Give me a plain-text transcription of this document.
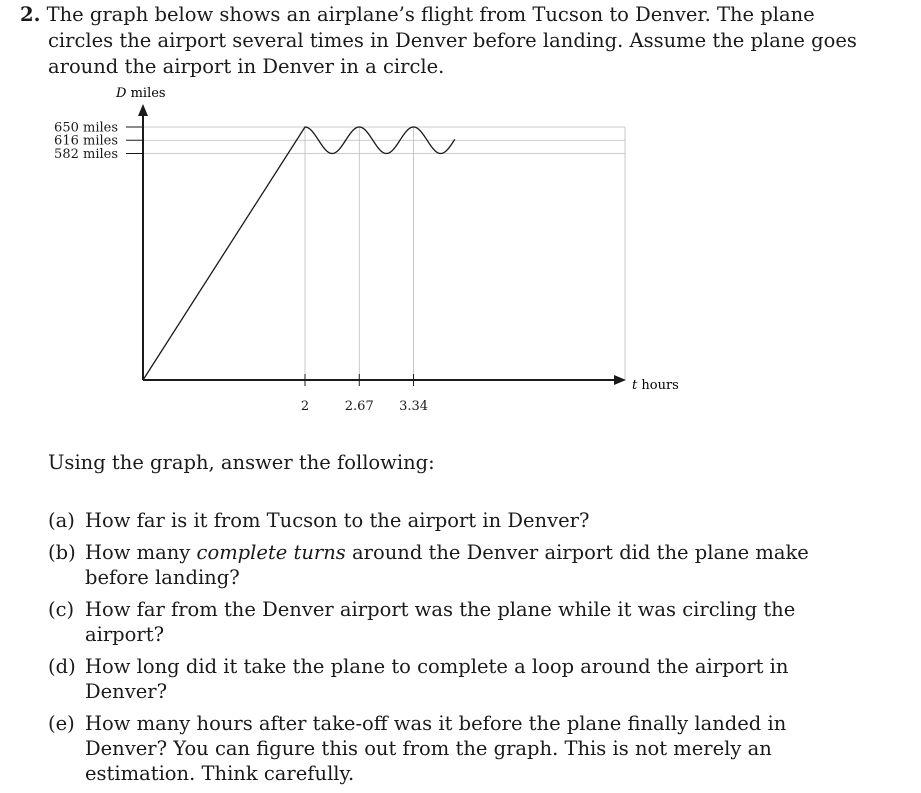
2. The graph below shows an airplane’s flight from Tucson to Denver. The plane circles the airport several times in Denver before landing. Assume the plane goes around the airport in Denver in a circle.
D miles
t hours
650 miles
616 miles
582 miles
2	2.67 3.34
Using the graph, answer the following:
(a) How far is it from Tucson to the airport in Denver?
(b) How many complete turns around the Denver airport did the plane make before landing?
(c) How far from the Denver airport was the plane while it was circling the airport?
(d) How long did it take the plane to complete a loop around the airport in Denver?
(e) How many hours after take-off was it before the plane finally landed in Denver? You can figure this out from the graph. This is not merely an estimation. Think carefully.
